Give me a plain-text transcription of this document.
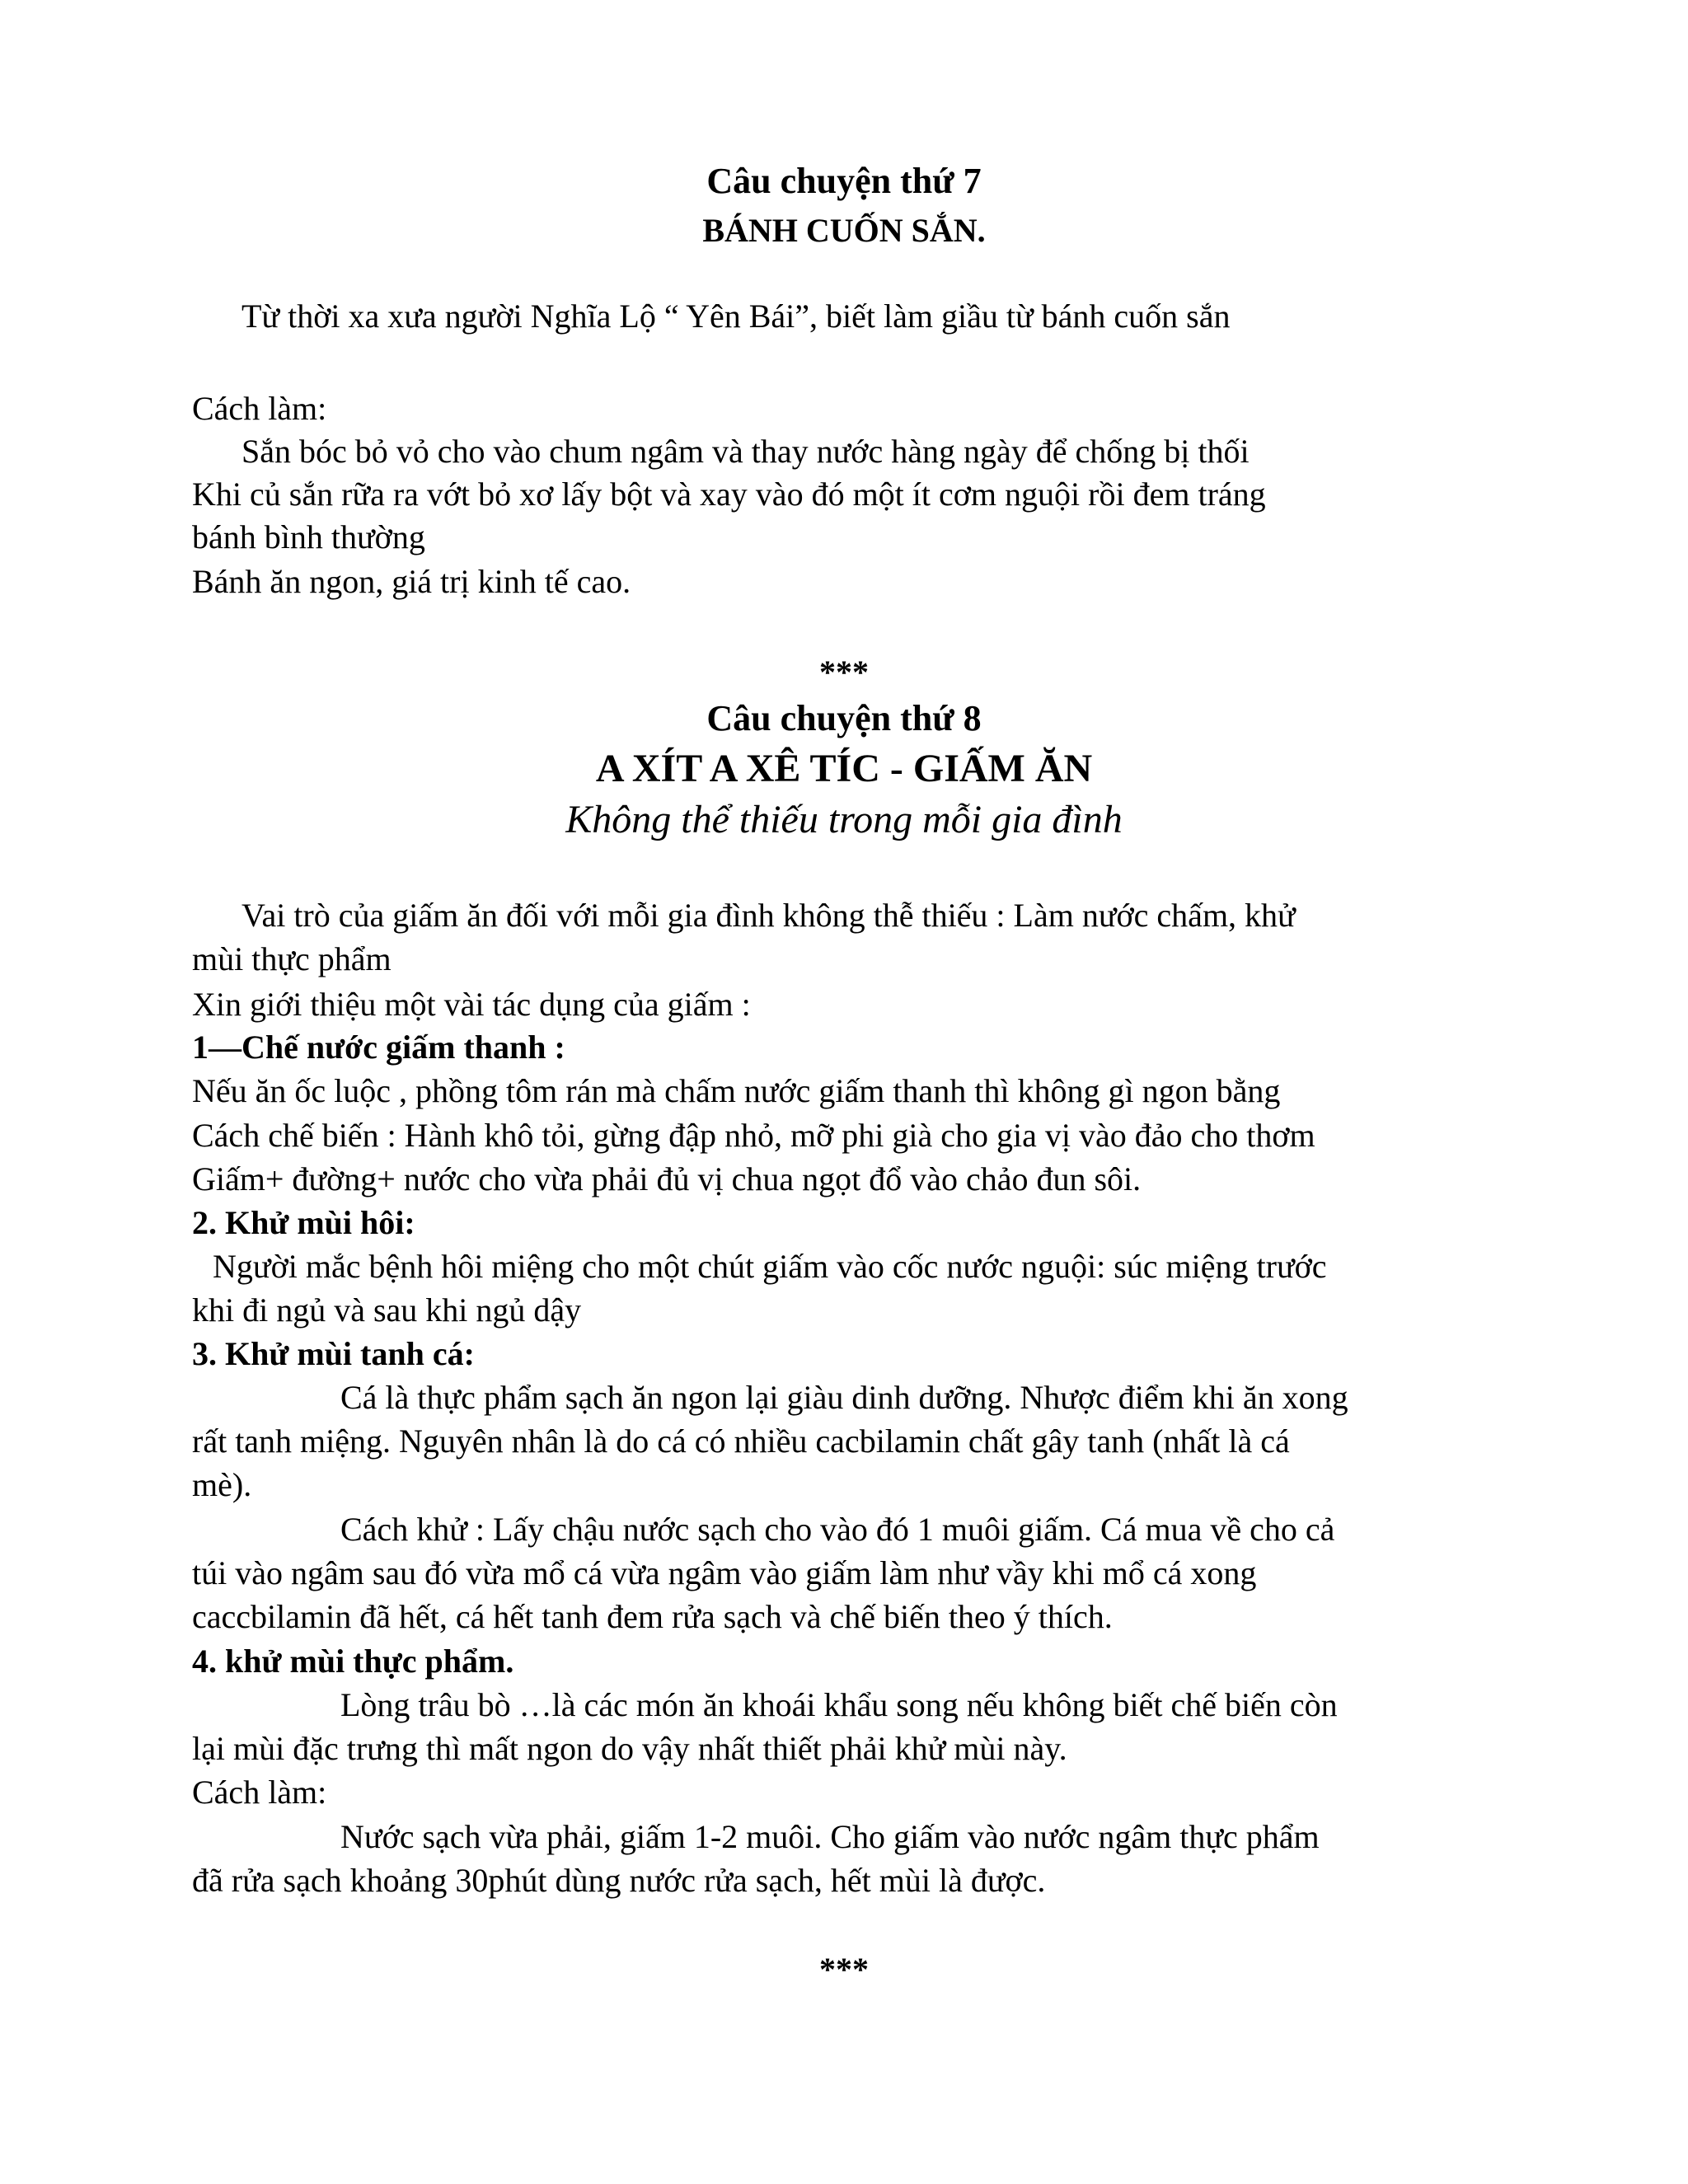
Câu chuyện thứ 7
BÁNH CUỐN SẮN.
Từ thời xa xưa người Nghĩa Lộ “ Yên Bái”, biết làm giầu từ bánh cuốn sắn
Cách làm:
Sắn bóc bỏ vỏ cho vào chum ngâm và thay nước hàng ngày để chống bị thối
Khi củ sắn rữa ra vớt bỏ xơ lấy bột và xay vào đó một ít cơm nguội rồi đem tráng
bánh bình thường
Bánh ăn ngon, giá trị kinh tế cao.
***
Câu chuyện thứ 8
A XÍT A XÊ TÍC - GIẤM ĂN
Không thể thiếu trong mỗi gia đình
Vai trò của giấm ăn đối với mỗi gia đình không thễ thiếu : Làm nước chấm, khử
mùi thực phẩm
Xin giới thiệu một vài tác dụng của giấm :
1—Chế nước giấm thanh :
Nếu ăn ốc luộc , phồng tôm rán mà chấm nước giấm thanh thì không gì ngon bằng
Cách chế biến : Hành khô tỏi, gừng đập nhỏ, mỡ phi già cho gia vị vào đảo cho thơm
Giấm+ đường+ nước cho vừa phải đủ vị chua ngọt đổ vào chảo đun sôi.
2. Khử mùi hôi:
Người mắc bệnh hôi miệng cho một chút giấm vào cốc nước nguội: súc miệng trước
khi đi ngủ và sau khi ngủ dậy
3. Khử mùi tanh cá:
Cá là thực phẩm sạch ăn ngon lại giàu dinh dưỡng. Nhược điểm khi ăn xong
rất tanh miệng. Nguyên nhân là do cá có nhiều cacbilamin chất gây tanh (nhất là cá
mè).
Cách khử : Lấy chậu nước sạch cho vào đó 1 muôi giấm. Cá mua về cho cả
túi vào ngâm sau đó vừa mổ cá vừa ngâm vào giấm làm như vầy khi mổ cá xong
caccbilamin đã hết, cá hết tanh đem rửa sạch và chế biến theo ý thích.
4. khử mùi thực phẩm.
Lòng trâu bò …là các món ăn khoái khẩu song nếu không biết chế biến còn
lại mùi đặc trưng thì mất ngon do vậy nhất thiết phải khử mùi này.
Cách làm:
Nước sạch vừa phải, giấm 1-2 muôi. Cho giấm vào nước ngâm thực phẩm
đã rửa sạch khoảng 30phút dùng nước rửa sạch, hết mùi là được.
***
